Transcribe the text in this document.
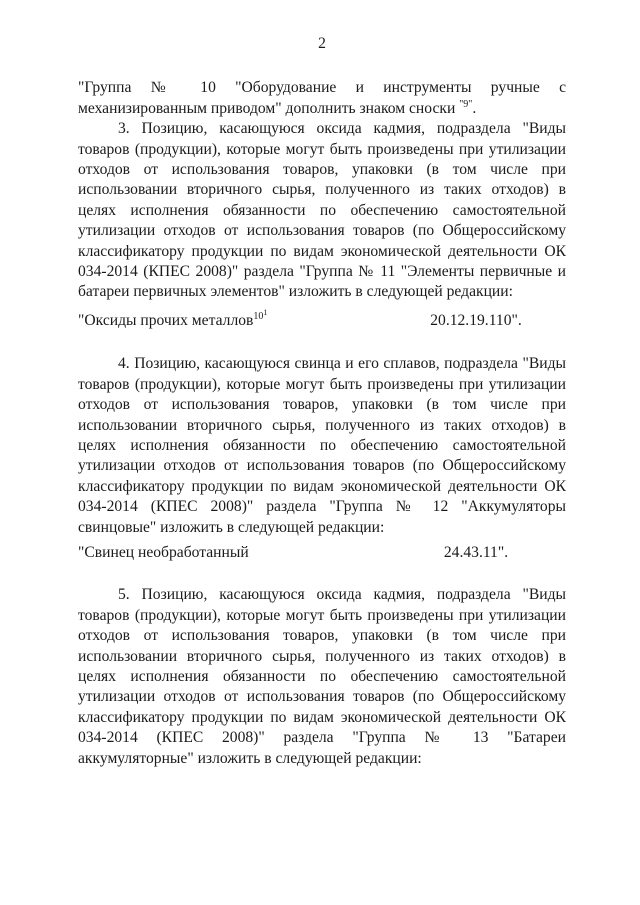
2

"Группа № 10 "Оборудование и инструменты ручные с механизированным приводом" дополнить знаком сноски $^{"9"}$.

3. Позицию, касающуюся оксида кадмия, подраздела "Виды товаров (продукции), которые могут быть произведены при утилизации отходов от использования товаров, упаковки (в том числе при использовании вторичного сырья, полученного из таких отходов) в целях исполнения обязанности по обеспечению самостоятельной утилизации отходов от использования товаров (по Общероссийскому классификатору продукции по видам экономической деятельности ОК 034-2014 (КПЕС 2008)" раздела "Группа № 11 "Элементы первичные и батареи первичных элементов" изложить в следующей редакции:

"Оксиды прочих металлов$^{10^1}$	20.12.19.110".

4. Позицию, касающуюся свинца и его сплавов, подраздела "Виды товаров (продукции), которые могут быть произведены при утилизации отходов от использования товаров, упаковки (в том числе при использовании вторичного сырья, полученного из таких отходов) в целях исполнения обязанности по обеспечению самостоятельной утилизации отходов от использования товаров (по Общероссийскому классификатору продукции по видам экономической деятельности ОК 034-2014 (КПЕС 2008)" раздела "Группа № 12 "Аккумуляторы свинцовые" изложить в следующей редакции:

"Свинец необработанный	24.43.11".

5. Позицию, касающуюся оксида кадмия, подраздела "Виды товаров (продукции), которые могут быть произведены при утилизации отходов от использования товаров, упаковки (в том числе при использовании вторичного сырья, полученного из таких отходов) в целях исполнения обязанности по обеспечению самостоятельной утилизации отходов от использования товаров (по Общероссийскому классификатору продукции по видам экономической деятельности ОК 034-2014 (КПЕС 2008)" раздела "Группа № 13 "Батареи аккумуляторные" изложить в следующей редакции:
